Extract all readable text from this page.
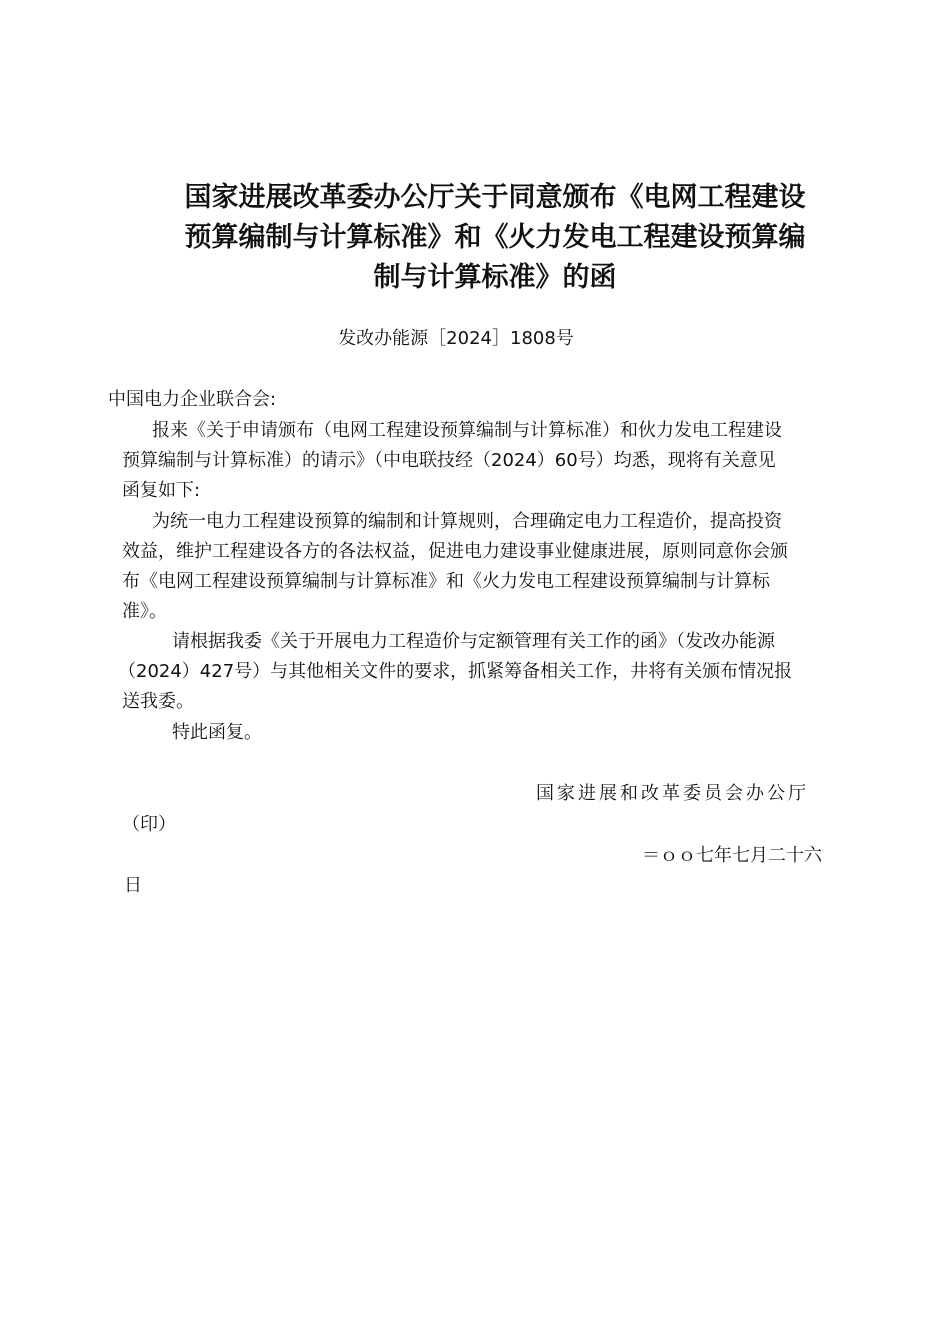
国家进展改革委办公厅关于同意颁布《电网工程建设
预算编制与计算标准》和《火力发电工程建设预算编
制与计算标准》的函
发改办能源［2024］1808号
中国电力企业联合会:
报来《关于申请颁布（电网工程建设预算编制与计算标准）和伙力发电工程建设
预算编制与计算标准）的请示》（中电联技经（2024）60号）均悉，现将有关意见
函复如下:
为统一电力工程建设预算的编制和计算规则，合理确定电力工程造价，提高投资
效益，维护工程建设各方的各法权益，促进电力建设事业健康进展，原则同意你会颁
布《电网工程建设预算编制与计算标准》和《火力发电工程建设预算编制与计算标
准》。
请根据我委《关于开展电力工程造价与定额管理有关工作的函》（发改办能源
（2024）427号）与其他相关文件的要求，抓紧筹备相关工作，井将有关颁布情况报
送我委。
特此函复。
国家进展和改革委员会办公厅
（印）
＝ｏｏ七年七月二十六
日
